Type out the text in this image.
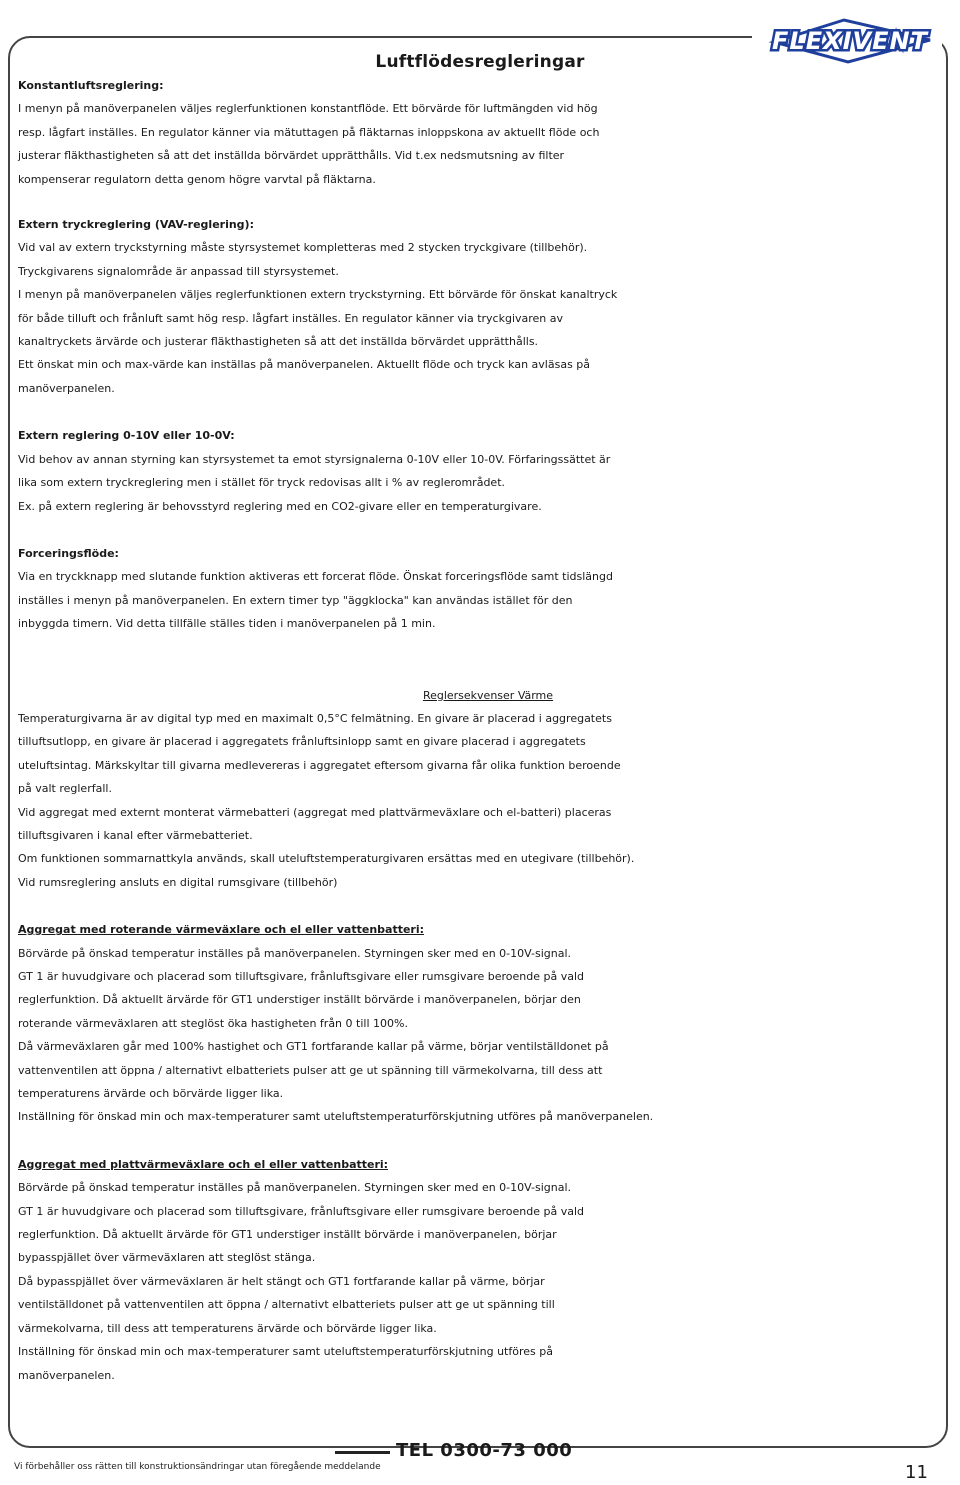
FLEXIVENT
Luftflödesregleringar
Konstantluftsreglering:
I menyn på manöverpanelen väljes reglerfunktionen konstantflöde. Ett börvärde för luftmängden vid hög
resp. lågfart inställes. En regulator känner via mätuttagen på fläktarnas inloppskona av aktuellt flöde och
justerar fläkthastigheten så att det inställda börvärdet upprätthålls. Vid t.ex nedsmutsning av filter
kompenserar regulatorn detta genom högre varvtal på fläktarna.
Extern tryckreglering (VAV-reglering):
Vid val av extern tryckstyrning måste styrsystemet kompletteras med 2 stycken tryckgivare (tillbehör).
Tryckgivarens signalområde är anpassad till styrsystemet.
I menyn på manöverpanelen väljes reglerfunktionen extern tryckstyrning. Ett börvärde för önskat kanaltryck
för både tilluft och frånluft samt hög resp. lågfart inställes. En regulator känner via tryckgivaren av
kanaltryckets ärvärde och justerar fläkthastigheten så att det inställda börvärdet upprätthålls.
Ett önskat min och max-värde kan inställas på manöverpanelen. Aktuellt flöde och tryck kan avläsas på
manöverpanelen.
Extern reglering 0-10V eller 10-0V:
Vid behov av annan styrning kan styrsystemet ta emot styrsignalerna 0-10V eller 10-0V. Förfaringssättet är
lika som extern tryckreglering men i stället för tryck redovisas allt i % av reglerområdet.
Ex. på extern reglering är behovsstyrd reglering med en CO2-givare eller en temperaturgivare.
Forceringsflöde:
Via en tryckknapp med slutande funktion aktiveras ett forcerat flöde. Önskat forceringsflöde samt tidslängd
inställes i menyn på manöverpanelen. En extern timer typ "äggklocka" kan användas istället för den
inbyggda timern. Vid detta tillfälle ställes tiden i manöverpanelen på 1 min.
Reglersekvenser Värme
Temperaturgivarna är av digital typ med en maximalt 0,5°C felmätning. En givare är placerad i aggregatets
tilluftsutlopp, en givare är placerad i aggregatets frånluftsinlopp samt en givare placerad i aggregatets
uteluftsintag. Märkskyltar till givarna medlevereras i aggregatet eftersom givarna får olika funktion beroende
på valt reglerfall.
Vid aggregat med externt monterat värmebatteri (aggregat med plattvärmeväxlare och el-batteri) placeras
tilluftsgivaren i kanal efter värmebatteriet.
Om funktionen sommarnattkyla används, skall uteluftstemperaturgivaren ersättas med en utegivare (tillbehör).
Vid rumsreglering ansluts en digital rumsgivare (tillbehör)
Aggregat med roterande värmeväxlare och el eller vattenbatteri:
Börvärde på önskad temperatur inställes på manöverpanelen. Styrningen sker med en 0-10V-signal.
GT 1 är huvudgivare och placerad som tilluftsgivare, frånluftsgivare eller rumsgivare beroende på vald
reglerfunktion. Då aktuellt ärvärde för GT1 understiger inställt börvärde i manöverpanelen, börjar den
roterande värmeväxlaren att steglöst öka hastigheten från 0 till 100%.
Då värmeväxlaren går med 100% hastighet och GT1 fortfarande kallar på värme, börjar ventilställdonet på
vattenventilen att öppna / alternativt elbatteriets pulser att ge ut spänning till värmekolvarna, till dess att
temperaturens ärvärde och börvärde ligger lika.
Inställning för önskad min och max-temperaturer samt uteluftstemperaturförskjutning utföres på manöverpanelen.
Aggregat med plattvärmeväxlare och el eller vattenbatteri:
Börvärde på önskad temperatur inställes på manöverpanelen. Styrningen sker med en 0-10V-signal.
GT 1 är huvudgivare och placerad som tilluftsgivare, frånluftsgivare eller rumsgivare beroende på vald
reglerfunktion. Då aktuellt ärvärde för GT1 understiger inställt börvärde i manöverpanelen, börjar
bypasspjället över värmeväxlaren att steglöst stänga.
Då bypasspjället över värmeväxlaren är helt stängt och GT1 fortfarande kallar på värme, börjar
ventilställdonet på vattenventilen att öppna / alternativt elbatteriets pulser att ge ut spänning till
värmekolvarna, till dess att temperaturens ärvärde och börvärde ligger lika.
Inställning för önskad min och max-temperaturer samt uteluftstemperaturförskjutning utföres på
manöverpanelen.
Vi förbehåller oss rätten till konstruktionsändringar utan föregående meddelande
TEL 0300-73 000
11
